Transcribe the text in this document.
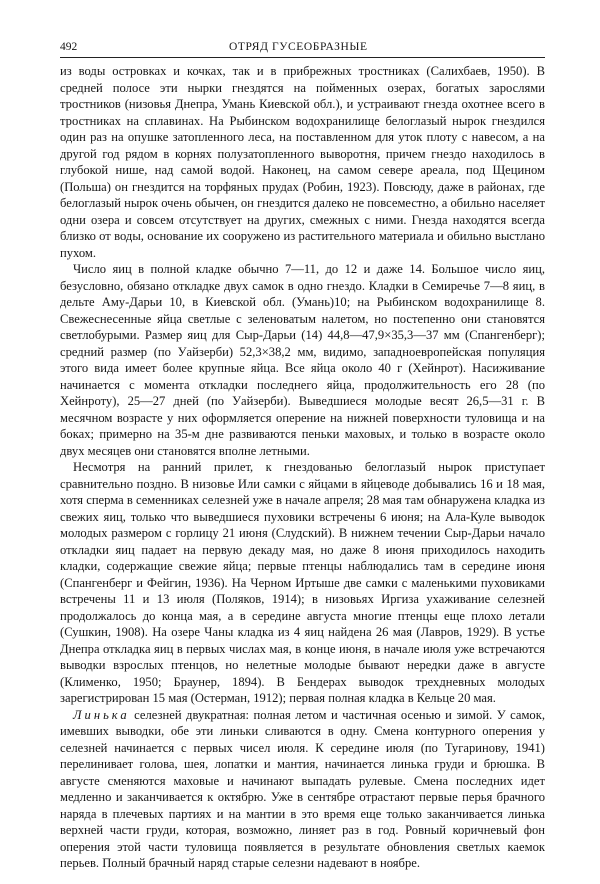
492	ОТРЯД ГУСЕОБРАЗНЫЕ

из воды островках и кочках, так и в прибрежных тростниках (Салихбаев, 1950). В средней полосе эти нырки гнездятся на пойменных озерах, богатых зарослями тростников (низовья Днепра, Умань Киевской обл.), и устраивают гнезда охотнее всего в тростниках на сплавинах. На Рыбинском водохранилище белоглазый нырок гнездился один раз на опушке затопленного леса, на поставленном для уток плоту с навесом, а на другой год рядом в корнях полузатопленного выворотня, причем гнездо находилось в глубокой нише, над самой водой. Наконец, на самом севере ареала, под Щецином (Польша) он гнездится на торфяных прудах (Робин, 1923). Повсюду, даже в районах, где белоглазый нырок очень обычен, он гнездится далеко не повсеместно, а обильно населяет одни озера и совсем отсутствует на других, смежных с ними. Гнезда находятся всегда близко от воды, основание их сооружено из растительного материала и обильно выстлано пухом.

Число яиц в полной кладке обычно 7—11, до 12 и даже 14. Большое число яиц, безусловно, обязано откладке двух самок в одно гнездо. Кладки в Семиречье 7—8 яиц, в дельте Аму-Дарьи 10, в Киевской обл. (Умань)10; на Рыбинском водохранилище 8. Свежеснесенные яйца светлые с зеленоватым налетом, но постепенно они становятся светлобурыми. Размер яиц для Сыр-Дарьи (14) 44,8—47,9×35,3—37 мм (Спангенберг); средний размер (по Уайзерби) 52,3×38,2 мм, видимо, западноевропейская популяция этого вида имеет более крупные яйца. Все яйца около 40 г (Хейнрот). Насиживание начинается с момента откладки последнего яйца, продолжительность его 28 (по Хейнроту), 25—27 дней (по Уайзерби). Выведшиеся молодые весят 26,5—31 г. В месячном возрасте у них оформляется оперение на нижней поверхности туловища и на боках; примерно на 35-м дне развиваются пеньки маховых, и только в возрасте около двух месяцев они становятся вполне летными.

Несмотря на ранний прилет, к гнездованью белоглазый нырок приступает сравнительно поздно. В низовье Или самки с яйцами в яйцеводе добывались 16 и 18 мая, хотя сперма в семенниках селезней уже в начале апреля; 28 мая там обнаружена кладка из свежих яиц, только что выведшиеся пуховики встречены 6 июня; на Ала-Куле выводок молодых размером с горлицу 21 июня (Слудский). В нижнем течении Сыр-Дарьи начало откладки яиц падает на первую декаду мая, но даже 8 июня приходилось находить кладки, содержащие свежие яйца; первые птенцы наблюдались там в середине июня (Спангенберг и Фейгин, 1936). На Черном Иртыше две самки с маленькими пуховиками встречены 11 и 13 июля (Поляков, 1914); в низовьях Иргиза ухаживание селезней продолжалось до конца мая, а в середине августа многие птенцы еще плохо летали (Сушкин, 1908). На озере Чаны кладка из 4 яиц найдена 26 мая (Лавров, 1929). В устье Днепра откладка яиц в первых числах мая, в конце июня, в начале июля уже встречаются выводки взрослых птенцов, но нелетные молодые бывают нередки даже в августе (Клименко, 1950; Браунер, 1894). В Бендерах выводок трехдневных молодых зарегистрирован 15 мая (Остерман, 1912); первая полная кладка в Кельце 20 мая.

Линька селезней двукратная: полная летом и частичная осенью и зимой. У самок, имевших выводки, обе эти линьки сливаются в одну. Смена контурного оперения у селезней начинается с первых чисел июля. К середине июля (по Тугаринову, 1941) перелинивает голова, шея, лопатки и мантия, начинается линька груди и брюшка. В августе сменяются маховые и начинают выпадать рулевые. Смена последних идет медленно и заканчивается к октябрю. Уже в сентябре отрастают первые перья брачного наряда в плечевых партиях и на мантии в это время еще только заканчивается линька верхней части груди, которая, возможно, линяет раз в год. Ровный коричневый фон оперения этой части туловища появляется в результате обновления светлых каемок перьев. Полный брачный наряд старые селезни надевают в ноябре.
